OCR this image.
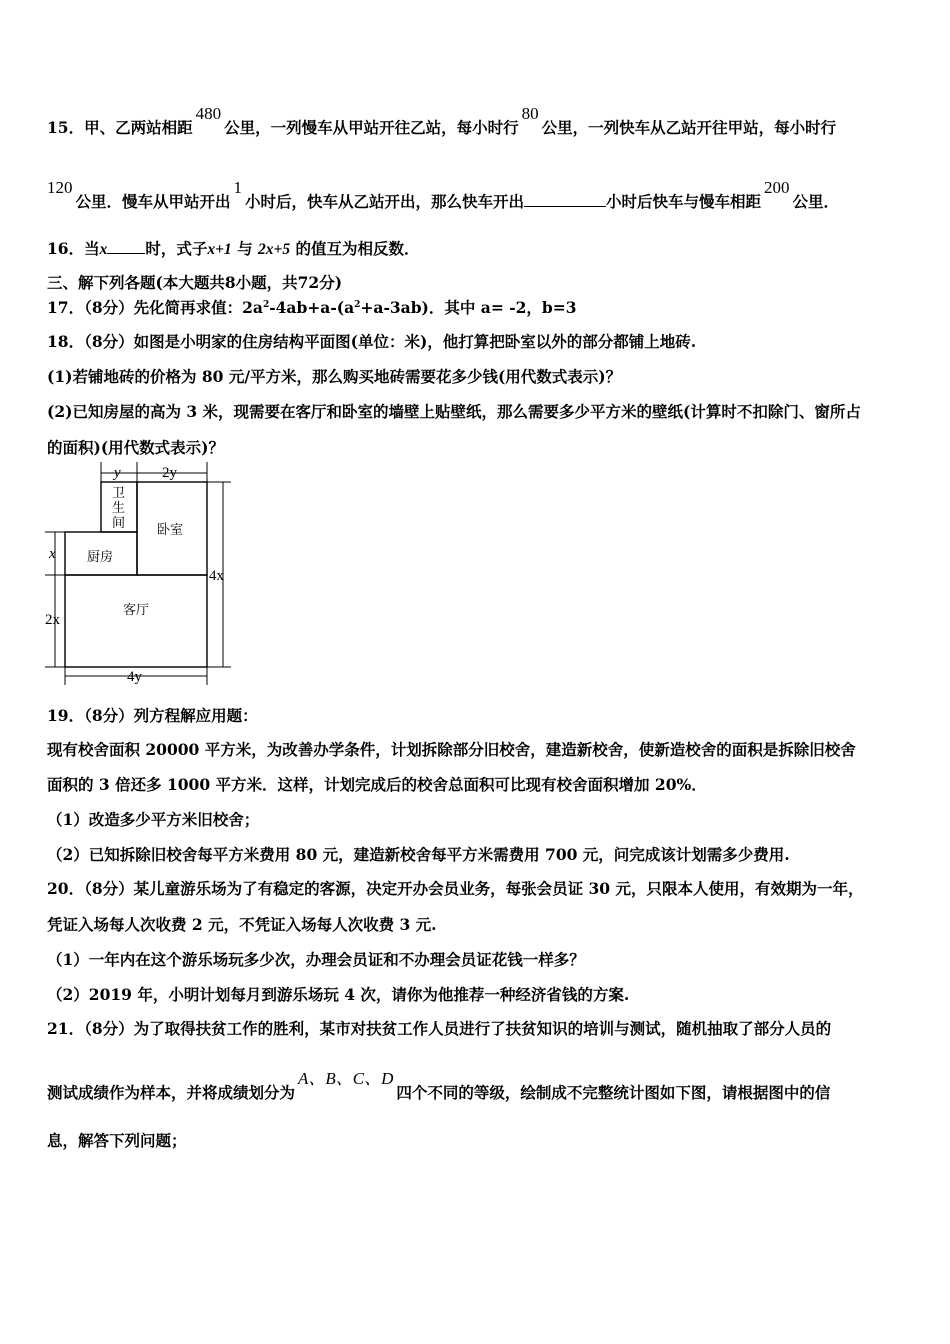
15．甲、乙两站相距480公里，一列慢车从甲站开往乙站，每小时行80公里，一列快车从乙站开往甲站，每小时行
120公里．慢车从甲站开出1小时后，快车从乙站开出，那么快车开出	小时后快车与慢车相距200公里．
16．当x 时，式子x+1 与 2x+5 的值互为相反数．
三、解下列各题(本大题共8小题，共72分)
17．（8分）先化简再求值：$2a^2-4ab+a-(a^2+a-3ab)$．其中 a= -2，b=3
18．（8分）如图是小明家的住房结构平面图(单位：米)，他打算把卧室以外的部分都铺上地砖.
(1)若铺地砖的价格为 80 元/平方米，那么购买地砖需要花多少钱(用代数式表示)？
(2)已知房屋的高为 3 米，现需要在客厅和卧室的墙壁上贴壁纸，那么需要多少平方米的壁纸(计算时不扣除门、窗所占
的面积)(用代数式表示)？
y	2y
卫
生
间 卧室
厨房
客厅
x
2x
4x
4y
19．（8分）列方程解应用题：
现有校舍面积 20000 平方米，为改善办学条件，计划拆除部分旧校舍，建造新校舍，使新造校舍的面积是拆除旧校舍
面积的 3 倍还多 1000 平方米．这样，计划完成后的校舍总面积可比现有校舍面积增加 20%．
（1）改造多少平方米旧校舍；
（2）已知拆除旧校舍每平方米费用 80 元，建造新校舍每平方米需费用 700 元，问完成该计划需多少费用.
20．（8分）某儿童游乐场为了有稳定的客源，决定开办会员业务，每张会员证 30 元，只限本人使用，有效期为一年，
凭证入场每人次收费 2 元，不凭证入场每人次收费 3 元.
（1）一年内在这个游乐场玩多少次，办理会员证和不办理会员证花钱一样多？
（2）2019 年，小明计划每月到游乐场玩 4 次，请你为他推荐一种经济省钱的方案.
21．（8分）为了取得扶贫工作的胜利，某市对扶贫工作人员进行了扶贫知识的培训与测试，随机抽取了部分人员的
测试成绩作为样本，并将成绩划分为A、B、C、D四个不同的等级，绘制成不完整统计图如下图，请根据图中的信
息，解答下列问题；
